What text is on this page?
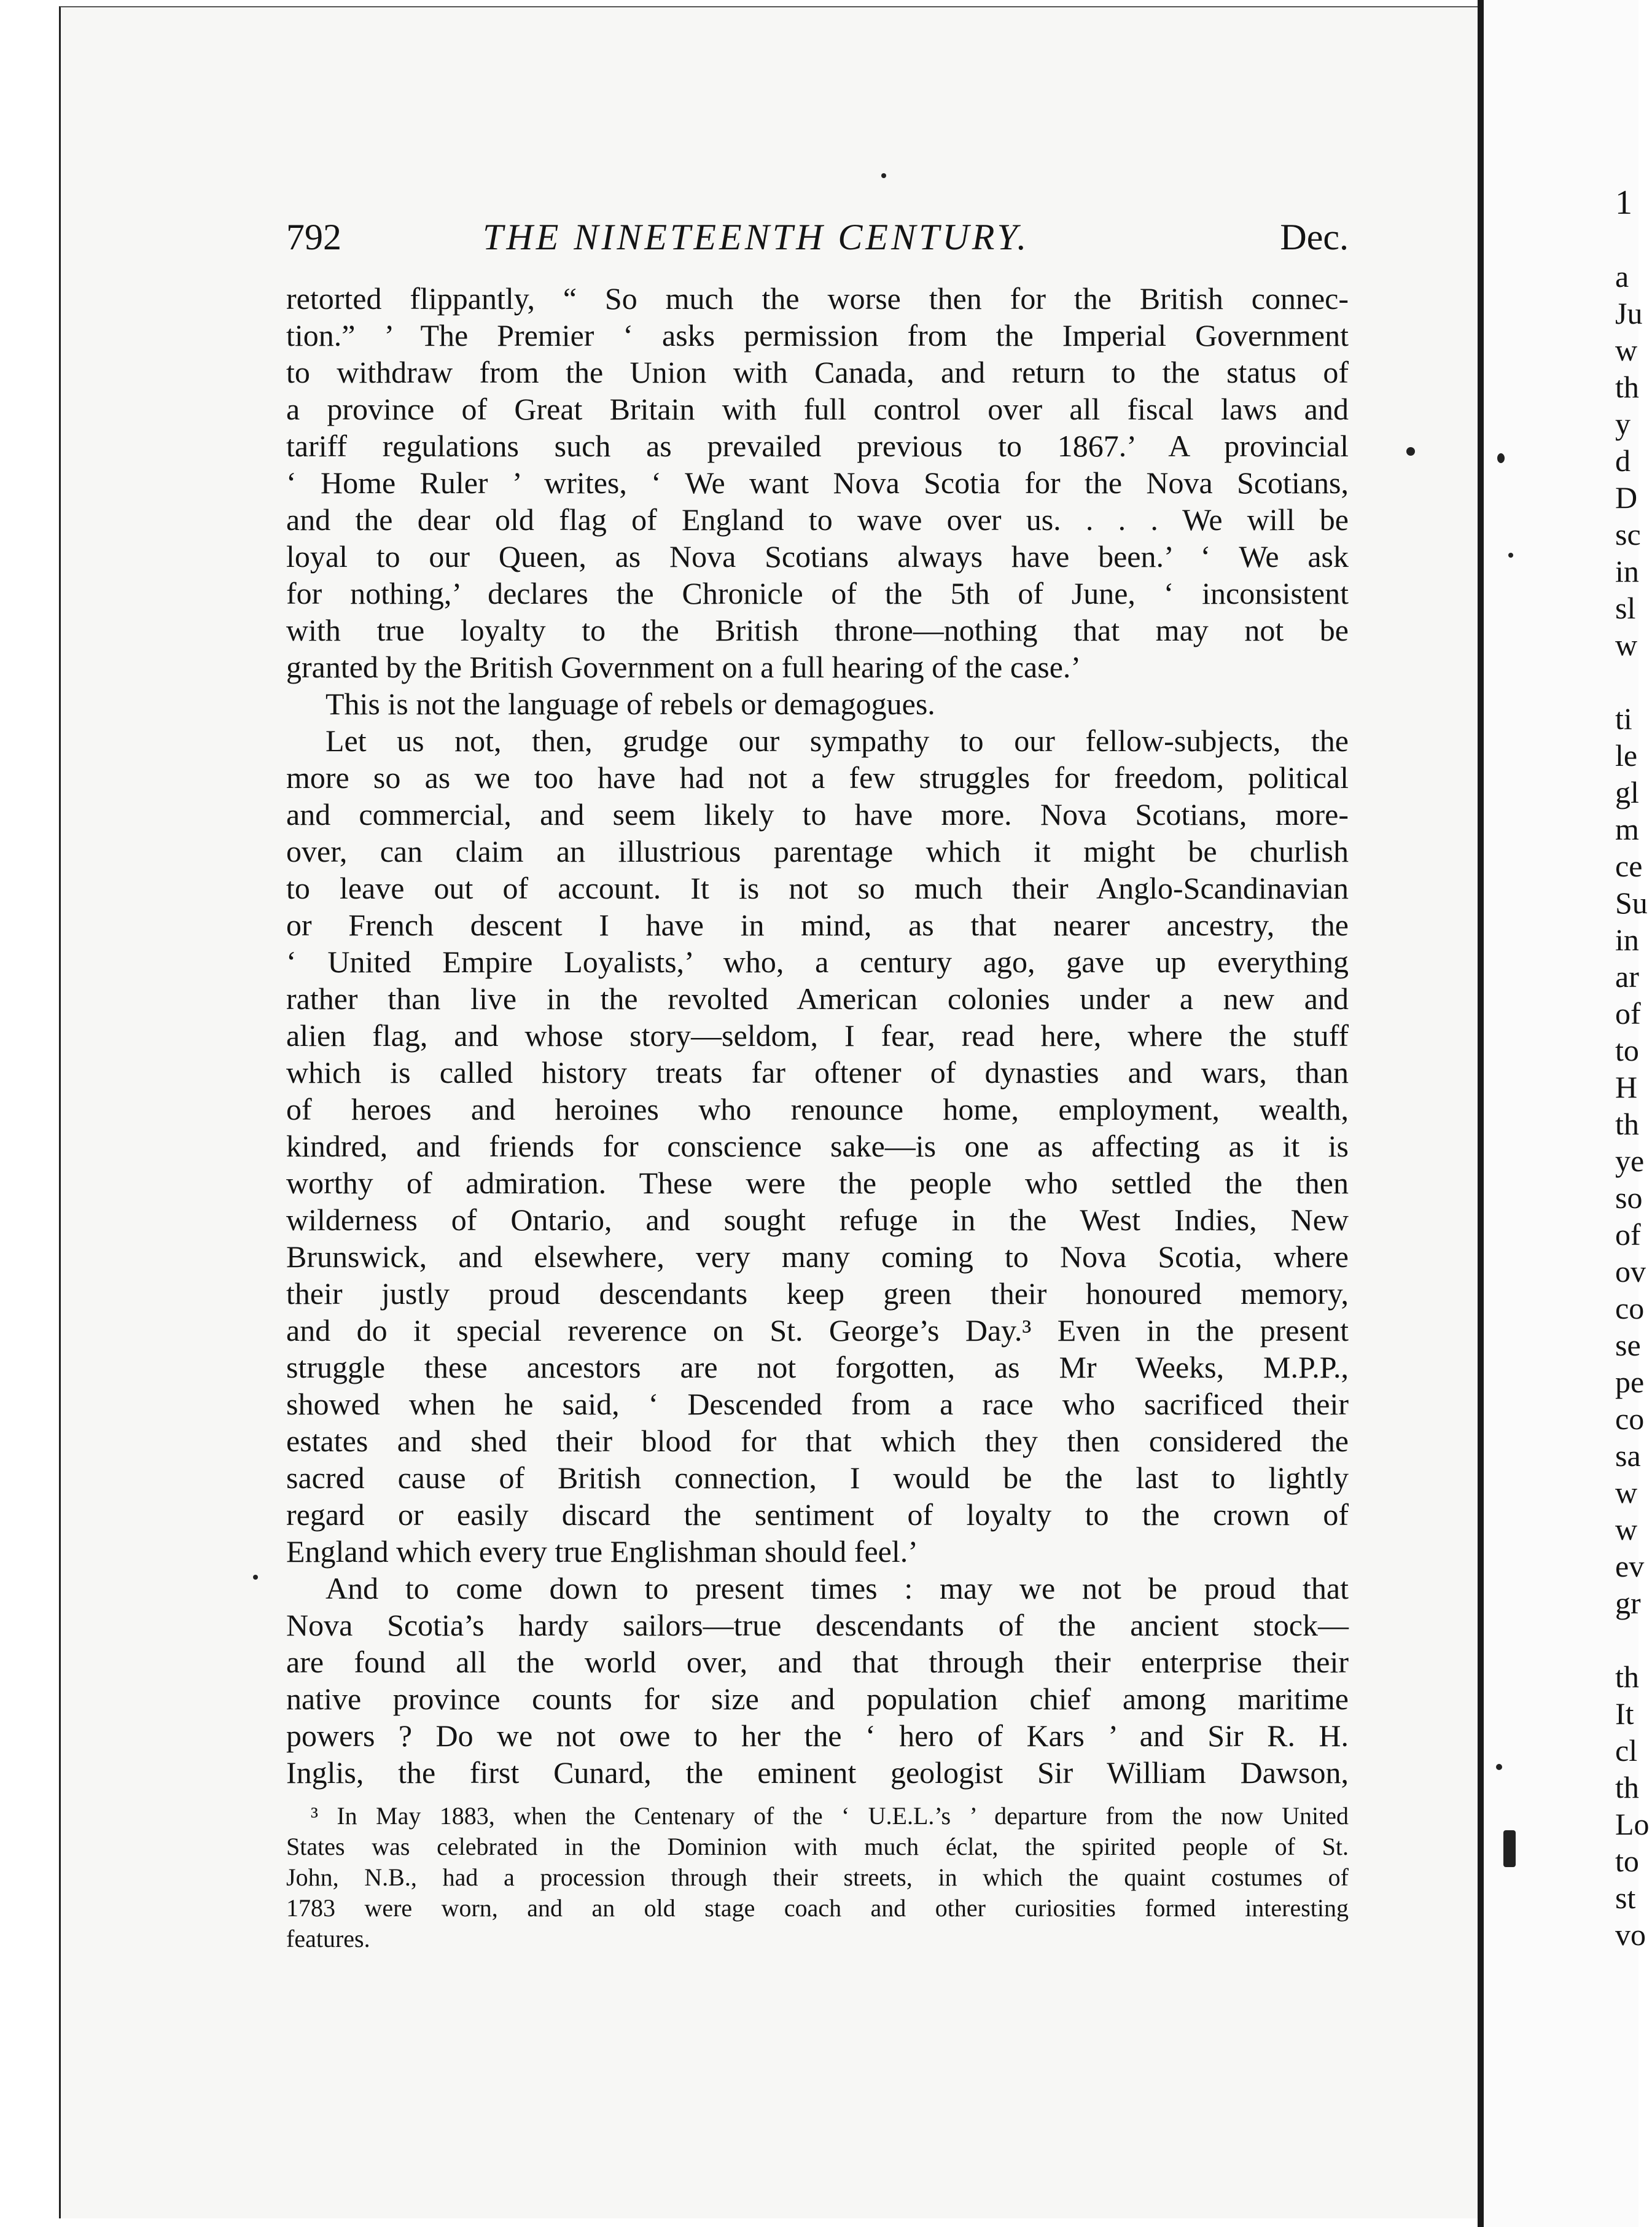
792	THE NINETEENTH CENTURY.	Dec.
retorted flippantly, “ So much the worse then for the British connec-
tion.” ’ The Premier ‘ asks permission from the Imperial Government
to withdraw from the Union with Canada, and return to the status of
a province of Great Britain with full control over all fiscal laws and
tariff regulations such as prevailed previous to 1867.’ A provincial
‘ Home Ruler ’ writes, ‘ We want Nova Scotia for the Nova Scotians,
and the dear old flag of England to wave over us. . . . We will be
loyal to our Queen, as Nova Scotians always have been.’ ‘ We ask
for nothing,’ declares the Chronicle of the 5th of June, ‘ inconsistent
with true loyalty to the British throne—nothing that may not be
granted by the British Government on a full hearing of the case.’
This is not the language of rebels or demagogues.
Let us not, then, grudge our sympathy to our fellow-subjects, the
more so as we too have had not a few struggles for freedom, political
and commercial, and seem likely to have more. Nova Scotians, more-
over, can claim an illustrious parentage which it might be churlish
to leave out of account. It is not so much their Anglo-Scandinavian
or French descent I have in mind, as that nearer ancestry, the
‘ United Empire Loyalists,’ who, a century ago, gave up everything
rather than live in the revolted American colonies under a new and
alien flag, and whose story—seldom, I fear, read here, where the stuff
which is called history treats far oftener of dynasties and wars, than
of heroes and heroines who renounce home, employment, wealth,
kindred, and friends for conscience sake—is one as affecting as it is
worthy of admiration. These were the people who settled the then
wilderness of Ontario, and sought refuge in the West Indies, New
Brunswick, and elsewhere, very many coming to Nova Scotia, where
their justly proud descendants keep green their honoured memory,
and do it special reverence on St. George’s Day.³ Even in the present
struggle these ancestors are not forgotten, as Mr Weeks, M.P.P.,
showed when he said, ‘ Descended from a race who sacrificed their
estates and shed their blood for that which they then considered the
sacred cause of British connection, I would be the last to lightly
regard or easily discard the sentiment of loyalty to the crown of
England which every true Englishman should feel.’
And to come down to present times : may we not be proud that
Nova Scotia’s hardy sailors—true descendants of the ancient stock—
are found all the world over, and that through their enterprise their
native province counts for size and population chief among maritime
powers ? Do we not owe to her the ‘ hero of Kars ’ and Sir R. H.
Inglis, the first Cunard, the eminent geologist Sir William Dawson,
³ In May 1883, when the Centenary of the ‘ U.E.L.’s ’ departure from the now United
States was celebrated in the Dominion with much éclat, the spirited people of St.
John, N.B., had a procession through their streets, in which the quaint costumes of
1783 were worn, and an old stage coach and other curiosities formed interesting
features.
1
a
Ju
w
th
y
d
D
sc
in
sl
w
ti
le
gl
m
ce
Su
in
ar
of
to
H
th
ye
so
of
ov
co
se
pe
co
sa
w
w
ev
gr
th
It
cl
th
Lo
to
st
vo
